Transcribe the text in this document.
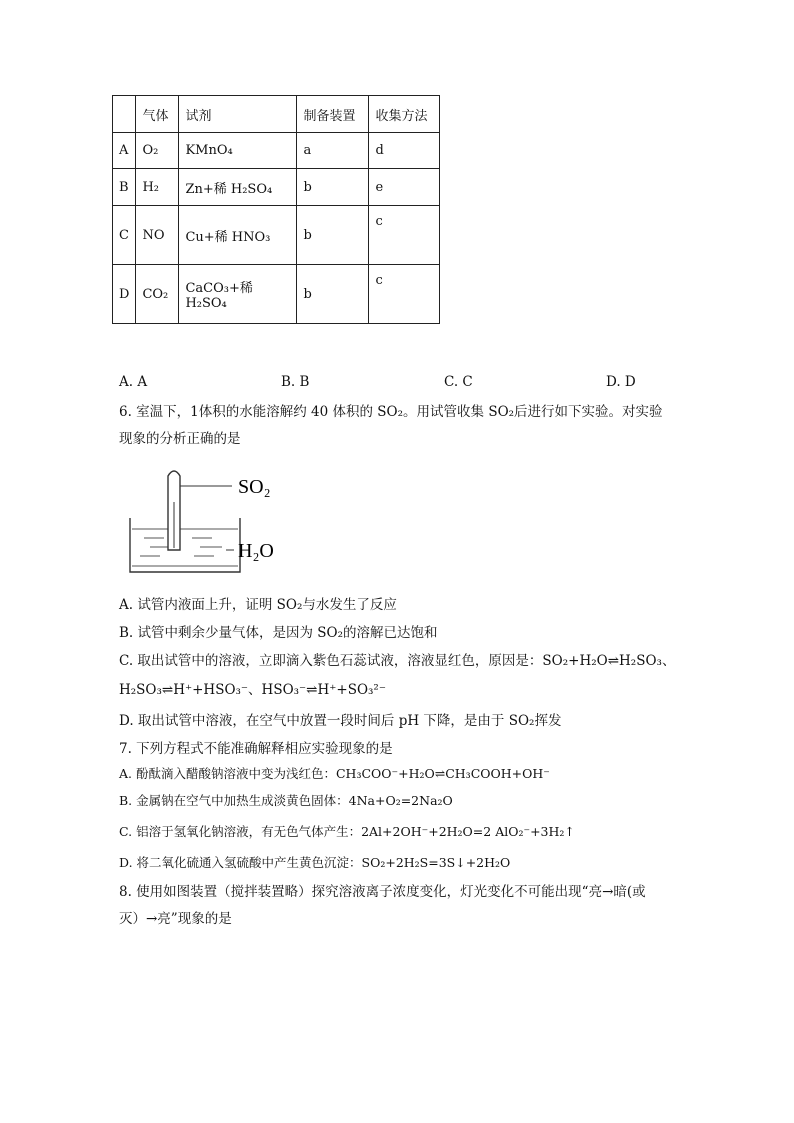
	气体	试剂	制备装置	收集方法
A	O₂	KMnO₄	a	d
B	H₂	Zn+稀 H₂SO₄	b	e
C	NO	Cu+稀 HNO₃	b	c
D	CO₂	CaCO₃+稀 H₂SO₄	b	c
A. A	B. B	C. C	D. D
6. 室温下，1体积的水能溶解约 40 体积的 SO₂。用试管收集 SO₂后进行如下实验。对实验
现象的分析正确的是
SO₂
H₂O
A. 试管内液面上升，证明 SO₂与水发生了反应
B. 试管中剩余少量气体，是因为 SO₂的溶解已达饱和
C. 取出试管中的溶液，立即滴入紫色石蕊试液，溶液显红色，原因是：SO₂+H₂O⇌H₂SO₃、
H₂SO₃⇌H⁺+HSO₃⁻、HSO₃⁻⇌H⁺+SO₃²⁻
D. 取出试管中溶液，在空气中放置一段时间后 pH 下降，是由于 SO₂挥发
7. 下列方程式不能准确解释相应实验现象的是
A. 酚酞滴入醋酸钠溶液中变为浅红色：CH₃COO⁻+H₂O⇌CH₃COOH+OH⁻
B. 金属钠在空气中加热生成淡黄色固体：4Na+O₂=2Na₂O
C. 铝溶于氢氧化钠溶液，有无色气体产生：2Al+2OH⁻+2H₂O=2 AlO₂⁻+3H₂↑
D. 将二氧化硫通入氢硫酸中产生黄色沉淀：SO₂+2H₂S=3S↓+2H₂O
8. 使用如图装置（搅拌装置略）探究溶液离子浓度变化，灯光变化不可能出现“亮→暗(或
灭）→亮”现象的是
